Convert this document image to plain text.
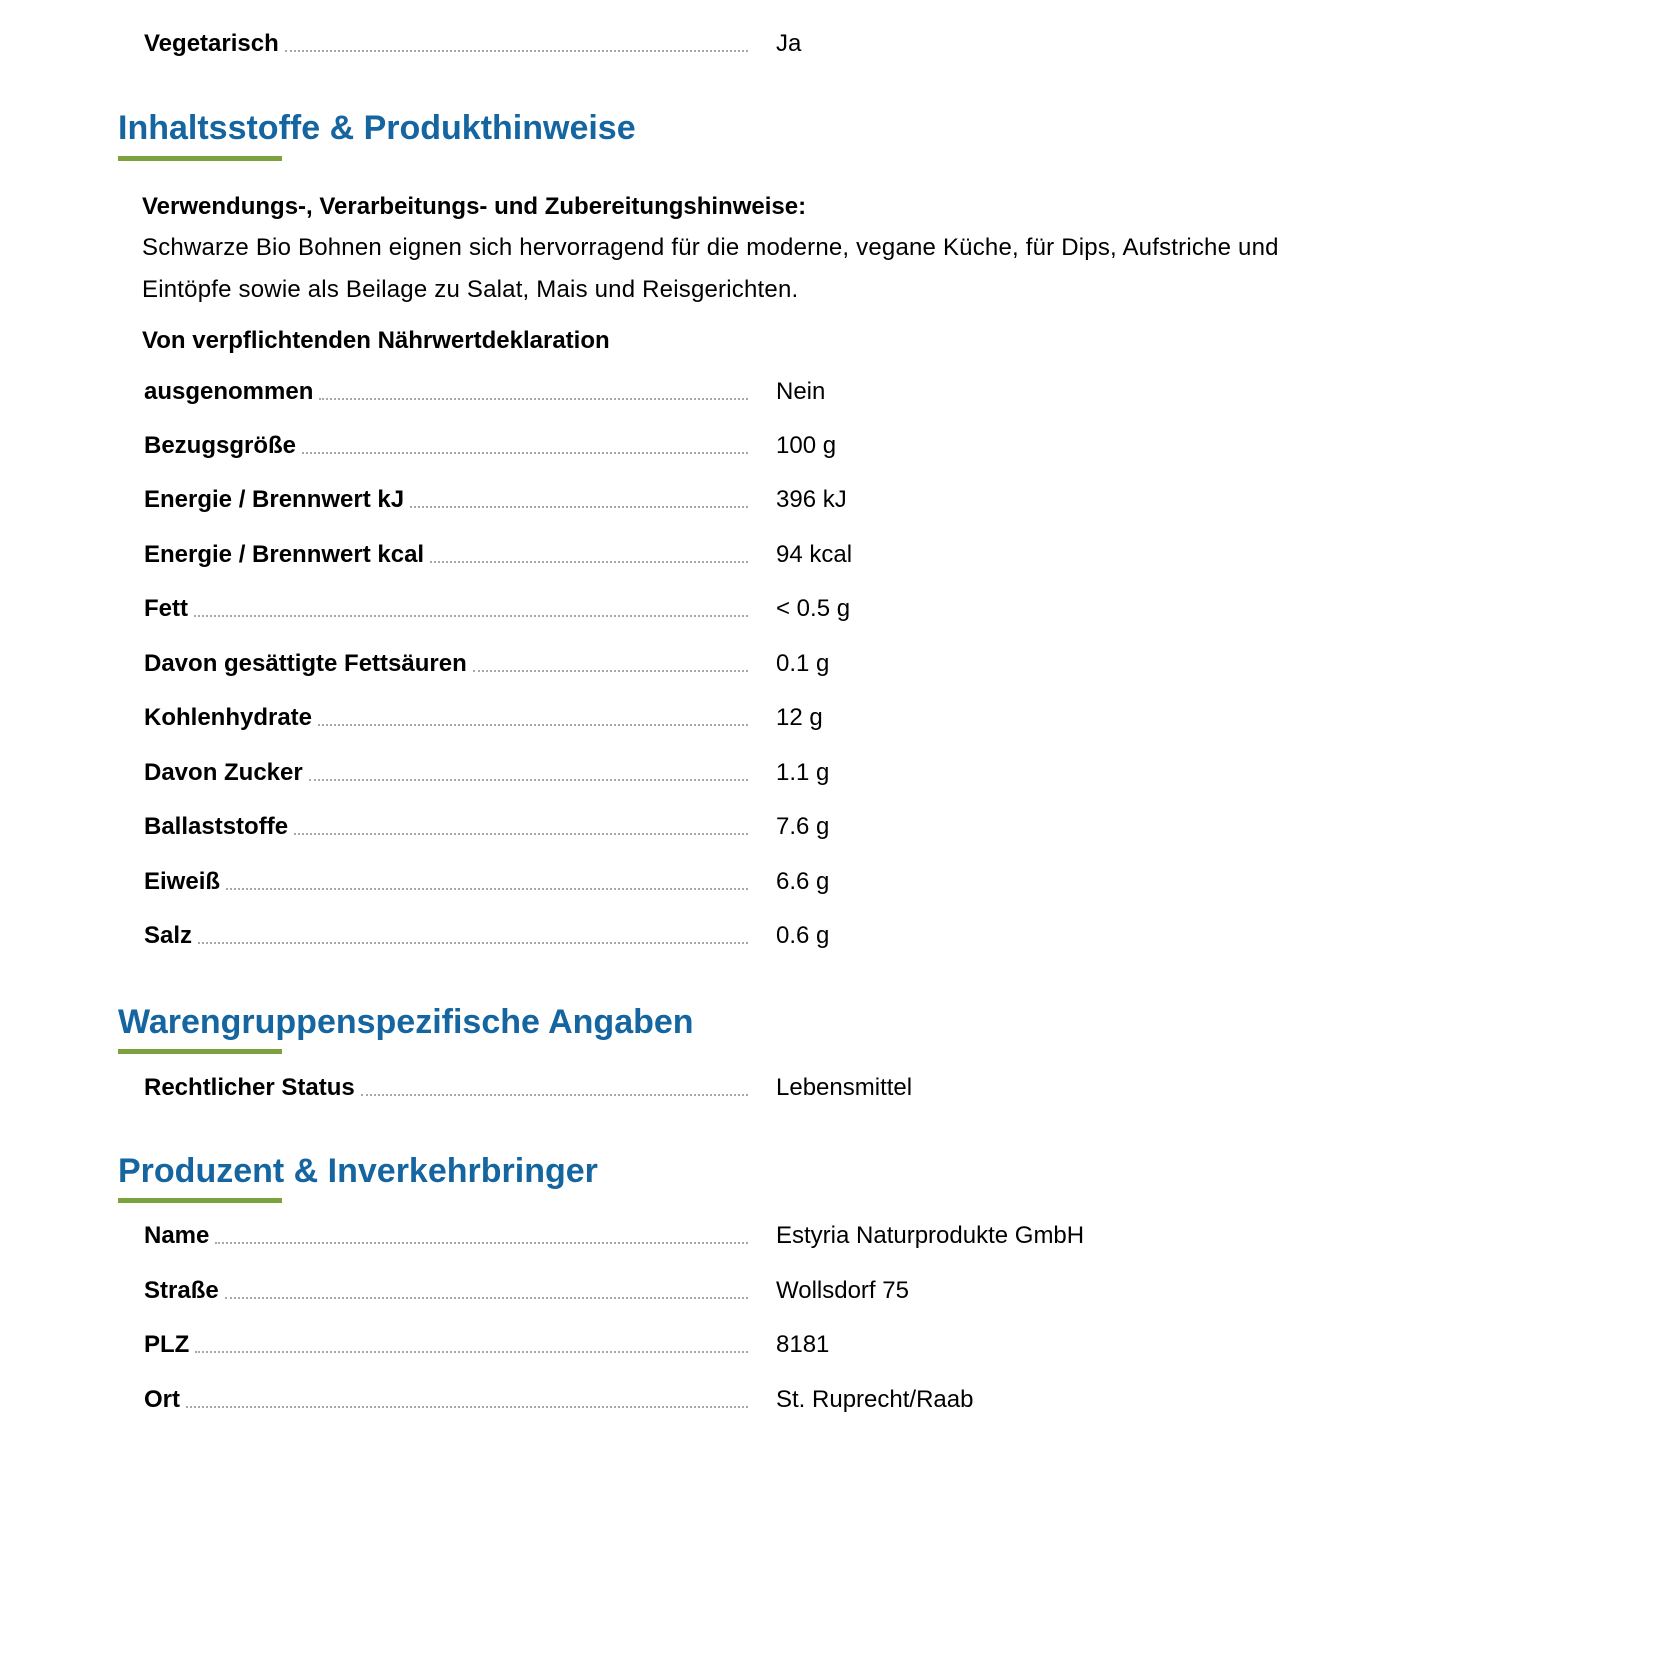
Vegetarisch	Ja
Inhaltsstoffe & Produkthinweise
Verwendungs-, Verarbeitungs- und Zubereitungshinweise:
Schwarze Bio Bohnen eignen sich hervorragend für die moderne, vegane Küche, für Dips, Aufstriche und Eintöpfe sowie als Beilage zu Salat, Mais und Reisgerichten.
Von verpflichtenden Nährwertdeklaration
ausgenommen	Nein
Bezugsgröße	100 g
Energie / Brennwert kJ	396 kJ
Energie / Brennwert kcal	94 kcal
Fett	< 0.5 g
Davon gesättigte Fettsäuren	0.1 g
Kohlenhydrate	12 g
Davon Zucker	1.1 g
Ballaststoffe	7.6 g
Eiweiß	6.6 g
Salz	0.6 g
Warengruppenspezifische Angaben
Rechtlicher Status	Lebensmittel
Produzent & Inverkehrbringer
Name	Estyria Naturprodukte GmbH
Straße	Wollsdorf 75
PLZ	8181
Ort	St. Ruprecht/Raab
